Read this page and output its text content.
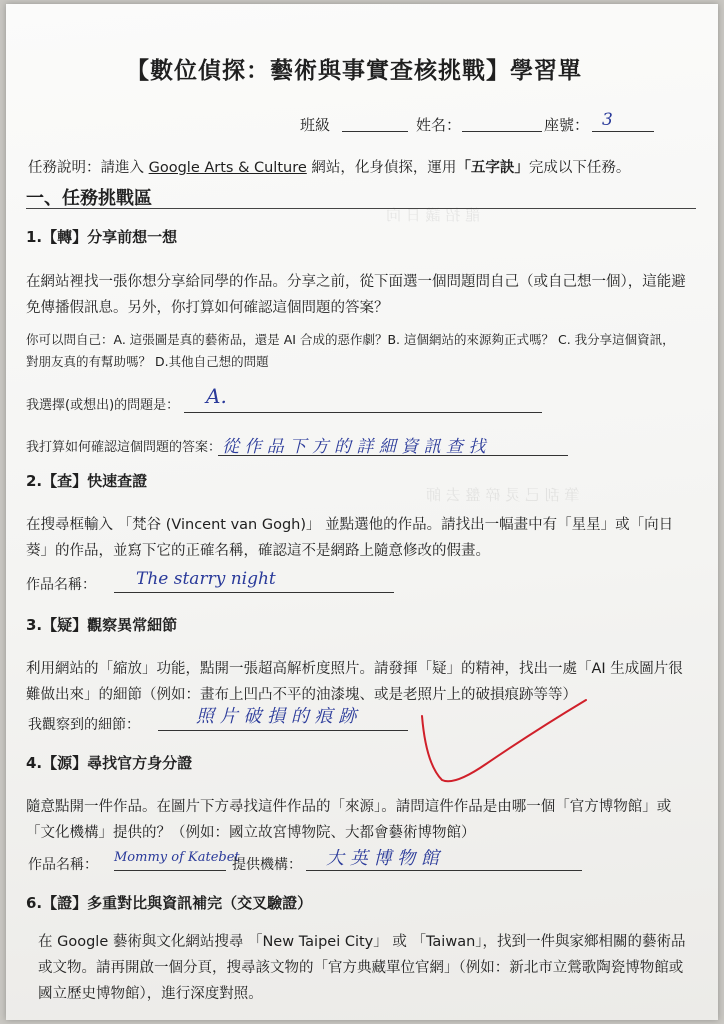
龍 招 議 日 向
筆 刮 己 灵 碎 盤 去 師
【數位偵探：藝術與事實查核挑戰】學習單
班級	姓名：	座號： 3
任務說明：請進入 Google Arts & Culture 網站，化身偵探，運用「五字訣」完成以下任務。
一、任務挑戰區
1.【轉】分享前想一想
在網站裡找一張你想分享給同學的作品。分享之前，從下面選一個問題問自己（或自己想一個），這能避免傳播假訊息。另外，你打算如何確認這個問題的答案？
你可以問自己：A. 這張圖是真的藝術品，還是 AI 合成的惡作劇？B. 這個網站的來源夠正式嗎？ C. 我分享這個資訊，對朋友真的有幫助嗎？ D.其他自己想的問題
我選擇(或想出)的問題是： A.
我打算如何確認這個問題的答案： 從 作 品 下 方 的 詳 細 資 訊 查 找
2.【查】快速查證
在搜尋框輸入 「梵谷 (Vincent van Gogh)」 並點選他的作品。請找出一幅畫中有「星星」或「向日葵」的作品，並寫下它的正確名稱，確認這不是網路上隨意修改的假畫。
作品名稱： The starry night
3.【疑】觀察異常細節
利用網站的「縮放」功能，點開一張超高解析度照片。請發揮「疑」的精神，找出一處「AI 生成圖片很難做出來」的細節（例如：畫布上凹凸不平的油漆塊、或是老照片上的破損痕跡等等）
我觀察到的細節：	照 片 破 損 的 痕 跡
4.【源】尋找官方身分證
隨意點開一件作品。在圖片下方尋找這件作品的「來源」。請問這件作品是由哪一個「官方博物館」或「文化機構」提供的？（例如：國立故宮博物院、大都會藝術博物館）
作品名稱： Mommy of Katebet
提供機構： 大 英 博 物 館
6.【證】多重對比與資訊補完（交叉驗證）
在 Google 藝術與文化網站搜尋 「New Taipei City」 或 「Taiwan」，找到一件與家鄉相關的藝術品或文物。請再開啟一個分頁，搜尋該文物的「官方典藏單位官網」（例如：新北市立鶯歌陶瓷博物館或國立歷史博物館），進行深度對照。
